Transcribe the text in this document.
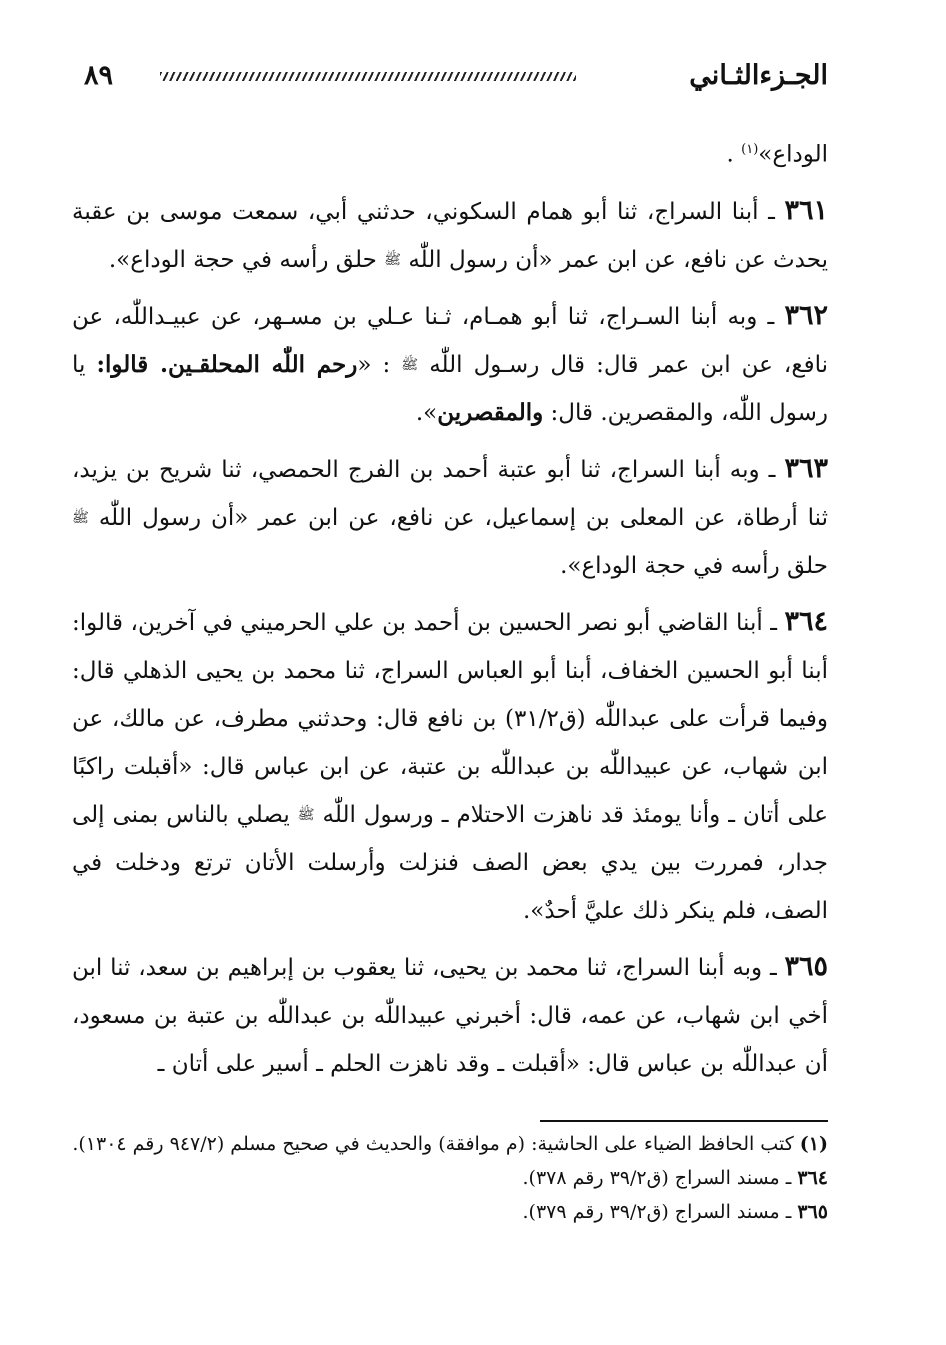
الجـزءالثـاني
٨٩

الوداع»$^{(١)}$ .

٣٦١ ـ أبنا السراج، ثنا أبو همام السكوني، حدثني أبي، سمعت موسى بن عقبة يحدث عن نافع، عن ابن عمر «أن رسول اللّٰه ﷺ حلق رأسه في حجة الوداع».

٣٦٢ ـ وبه أبنا السـراج، ثنا أبو همـام، ثـنا عـلي بن مسـهر، عن عبيـداللّٰه، عن نافع، عن ابن عمر قال: قال رسـول اللّٰه ﷺ : «رحم اللّٰه المحلقـين. قالوا: يا رسول اللّٰه، والمقصرين. قال: والمقصرين».

٣٦٣ ـ وبه أبنا السراج، ثنا أبو عتبة أحمد بن الفرج الحمصي، ثنا شريح بن يزيد، ثنا أرطاة، عن المعلى بن إسماعيل، عن نافع، عن ابن عمر «أن رسول اللّٰه ﷺ حلق رأسه في حجة الوداع».

٣٦٤ ـ أبنا القاضي أبو نصر الحسين بن أحمد بن علي الحرميني في آخرين، قالوا: أبنا أبو الحسين الخفاف، أبنا أبو العباس السراج، ثنا محمد بن يحيى الذهلي قال: وفيما قرأت على عبداللّٰه (ق٣١/٢) بن نافع قال: وحدثني مطرف، عن مالك، عن ابن شهاب، عن عبيداللّٰه بن عبداللّٰه بن عتبة، عن ابن عباس قال: «أقبلت راكبًا على أتان ـ وأنا يومئذ قد ناهزت الاحتلام ـ ورسول اللّٰه ﷺ يصلي بالناس بمنى إلى جدار، فمررت بين يدي بعض الصف فنزلت وأرسلت الأتان ترتع ودخلت في الصف، فلم ينكر ذلك عليَّ أحدٌ».

٣٦٥ ـ وبه أبنا السراج، ثنا محمد بن يحيى، ثنا يعقوب بن إبراهيم بن سعد، ثنا ابن أخي ابن شهاب، عن عمه، قال: أخبرني عبيداللّٰه بن عبداللّٰه بن عتبة بن مسعود، أن عبداللّٰه بن عباس قال: «أقبلت ـ وقد ناهزت الحلم ـ أسير على أتان ـ

(١) كتب الحافظ الضياء على الحاشية: (م موافقة) والحديث في صحيح مسلم (٩٤٧/٢ رقم ١٣٠٤).

٣٦٤ ـ مسند السراج (ق٣٩/٢ رقم ٣٧٨).

٣٦٥ ـ مسند السراج (ق٣٩/٢ رقم ٣٧٩).
